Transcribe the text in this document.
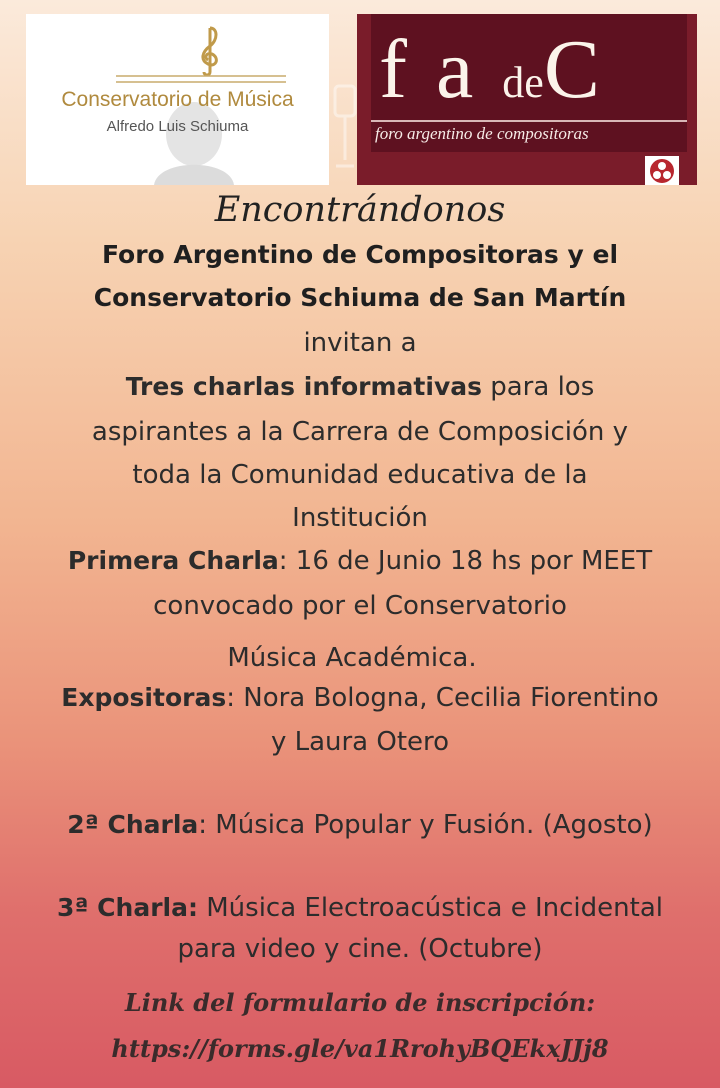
Conservatorio de Música
Alfredo Luis Schiuma
f a deC
foro argentino de compositoras
Encontrándonos
Foro Argentino de Compositoras y el
Conservatorio Schiuma de San Martín
invitan a
Tres charlas informativas para los
aspirantes a la Carrera de Composición y
toda la Comunidad educativa de la
Institución
Primera Charla: 16 de Junio 18 hs por MEET
convocado por el Conservatorio
Música Académica.
Expositoras: Nora Bologna, Cecilia Fiorentino
y Laura Otero
2ª Charla: Música Popular y Fusión. (Agosto)
3ª Charla: Música Electroacústica e Incidental
para video y cine. (Octubre)
Link del formulario de inscripción:
https://forms.gle/va1RrohyBQEkxJJj8
